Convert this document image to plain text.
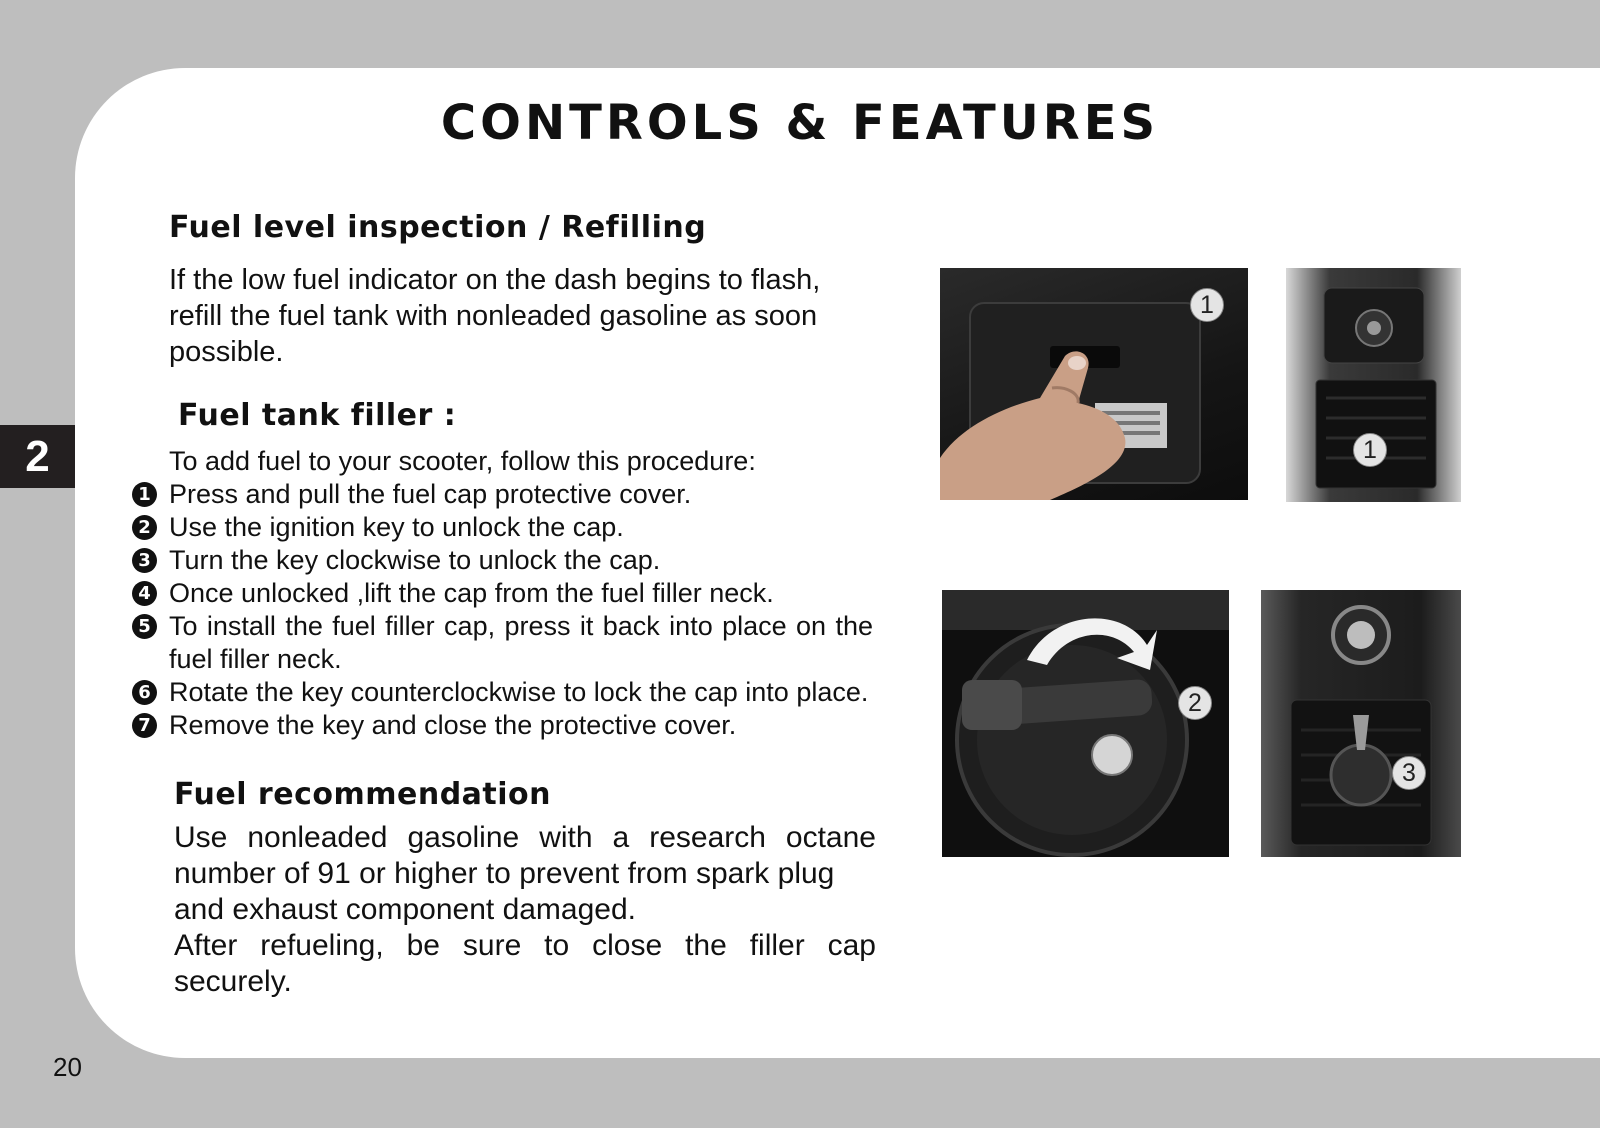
2
20
CONTROLS & FEATURES
Fuel level inspection / Refilling
If the low fuel indicator on the dash begins to flash,
refill the fuel tank with nonleaded gasoline as soon
possible.
Fuel tank filler :
To add fuel to your scooter, follow this procedure:
1 Press and pull the fuel cap protective cover.
2 Use the ignition key to unlock the cap.
3 Turn the key clockwise to unlock the cap.
4 Once unlocked ,lift the cap from the fuel filler neck.
5 To install the fuel filler cap, press it back into place on the fuel filler neck.
6 Rotate the key counterclockwise to lock the cap into place.
7 Remove the key and close the protective cover.
Fuel recommendation
Use nonleaded gasoline with a research octane
number of 91 or higher to prevent from spark plug
and exhaust component damaged.
After refueling, be sure to close the filler cap
securely.
1
1
2
3
